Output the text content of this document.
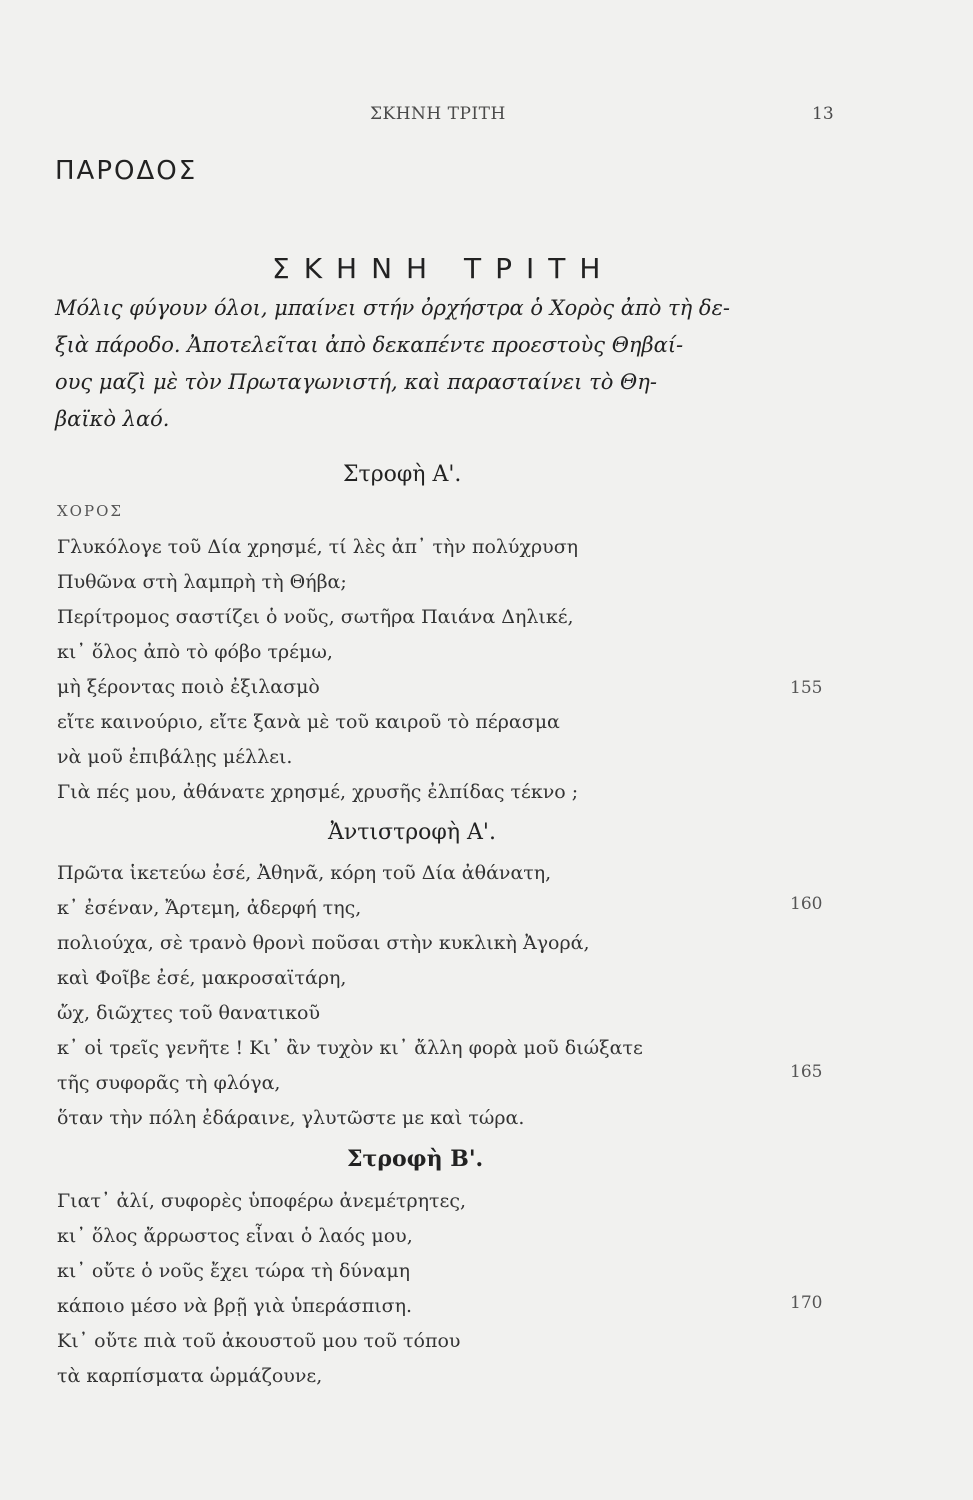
ΣΚΗΝΗ ΤΡΙΤΗ	13
ΠΑΡΟΔΟΣ
ΣΚΗΝΗ ΤΡΙΤΗ
Μόλις φύγουν όλοι, μπαίνει στήν ὀρχήστρα ὁ Χορὸς ἀπὸ τὴ δε-
ξιὰ πάροδο. Ἀποτελεῖται ἀπὸ δεκαπέντε προεστοὺς Θηβαί-
ους μαζὶ μὲ τὸν Πρωταγωνιστή, καὶ παρασταίνει τὸ Θη-
βαϊκὸ λαό.
Στροφὴ Α'.
ΧΟΡΟΣ
Γλυκόλογε τοῦ Δία χρησμέ, τί λὲς ἀπ᾽ τὴν πολύχρυση
Πυθῶνα στὴ λαμπρὴ τὴ Θήβα;
Περίτρομος σαστίζει ὁ νοῦς, σωτῆρα Παιάνα Δηλικέ,
κι᾽ ὅλος ἀπὸ τὸ φόβο τρέμω,
μὴ ξέροντας ποιὸ ἐξιλασμὸ	155
εἴτε καινούριο, εἴτε ξανὰ μὲ τοῦ καιροῦ τὸ πέρασμα
νὰ μοῦ ἐπιβάλῃς μέλλει.
Γιὰ πές μου, ἀθάνατε χρησμέ, χρυσῆς ἐλπίδας τέκνο ;
Ἀντιστροφὴ Α'.
Πρῶτα ἱκετεύω ἐσέ, Ἀθηνᾶ, κόρη τοῦ Δία ἀθάνατη,
κ᾽ ἐσέναν, Ἄρτεμη, ἀδερφή της,	160
πολιούχα, σὲ τρανὸ θρονὶ ποῦσαι στὴν κυκλικὴ Ἀγορά,
καὶ Φοῖβε ἐσέ, μακροσαϊτάρη,
ὤχ, διῶχτες τοῦ θανατικοῦ
κ᾽ οἱ τρεῖς γενῆτε ! Κι᾽ ἂν τυχὸν κι᾽ ἄλλη φορὰ μοῦ διώξατε
τῆς συφορᾶς τὴ φλόγα,	165
ὅταν τὴν πόλη ἐδάραινε, γλυτῶστε με καὶ τώρα.
Στροφὴ Β'.
Γιατ᾽ ἀλί, συφορὲς ὑποφέρω ἀνεμέτρητες,
κι᾽ ὅλος ἄρρωστος εἶναι ὁ λαός μου,
κι᾽ οὔτε ὁ νοῦς ἔχει τώρα τὴ δύναμη
κάποιο μέσο νὰ βρῇ γιὰ ὑπεράσπιση.	170
Κι᾽ οὔτε πιὰ τοῦ ἀκουστοῦ μου τοῦ τόπου
τὰ καρπίσματα ὡρμάζουνε,
